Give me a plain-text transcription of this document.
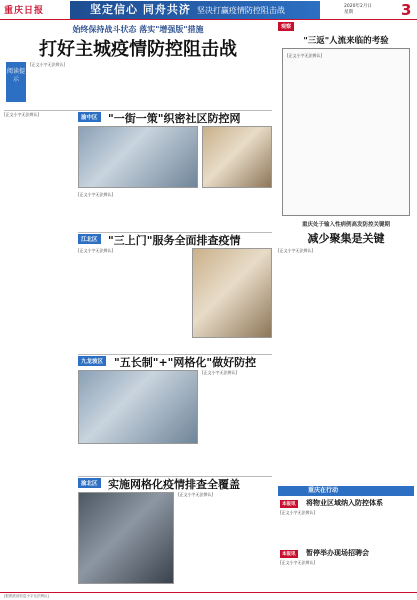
重庆日报	坚定信心 同舟共济 坚决打赢疫情防控阻击战	2020年2月日
星期	3
始终保持战斗状态 落实"增强版"措施
打好主城疫情防控阻击战
阅读提示
[正文小字无法辨认]
[正文小字无法辨认]
渝中区 "一街一策"织密社区防控网
[正文小字无法辨认]
江北区 "三上门"服务全面排查疫情
[正文小字无法辨认]
九龙坡区 "五长制"+"网格化"做好防控
[正文小字无法辨认]
渝北区 实施网格化疫情排查全覆盖
[正文小字无法辨认]
观察
"三返"人流来临的考验
[正文小字无法辨认]
重庆处于输入性病例高发防控关键期
减少聚集是关键
[正文小字无法辨认]
重庆在行动
本报讯 将物业区域纳入防控体系
[正文小字无法辨认]
本报讯 暂停举办现场招聘会
[正文小字无法辨认]
[报纸底部信息小字无法辨认]
